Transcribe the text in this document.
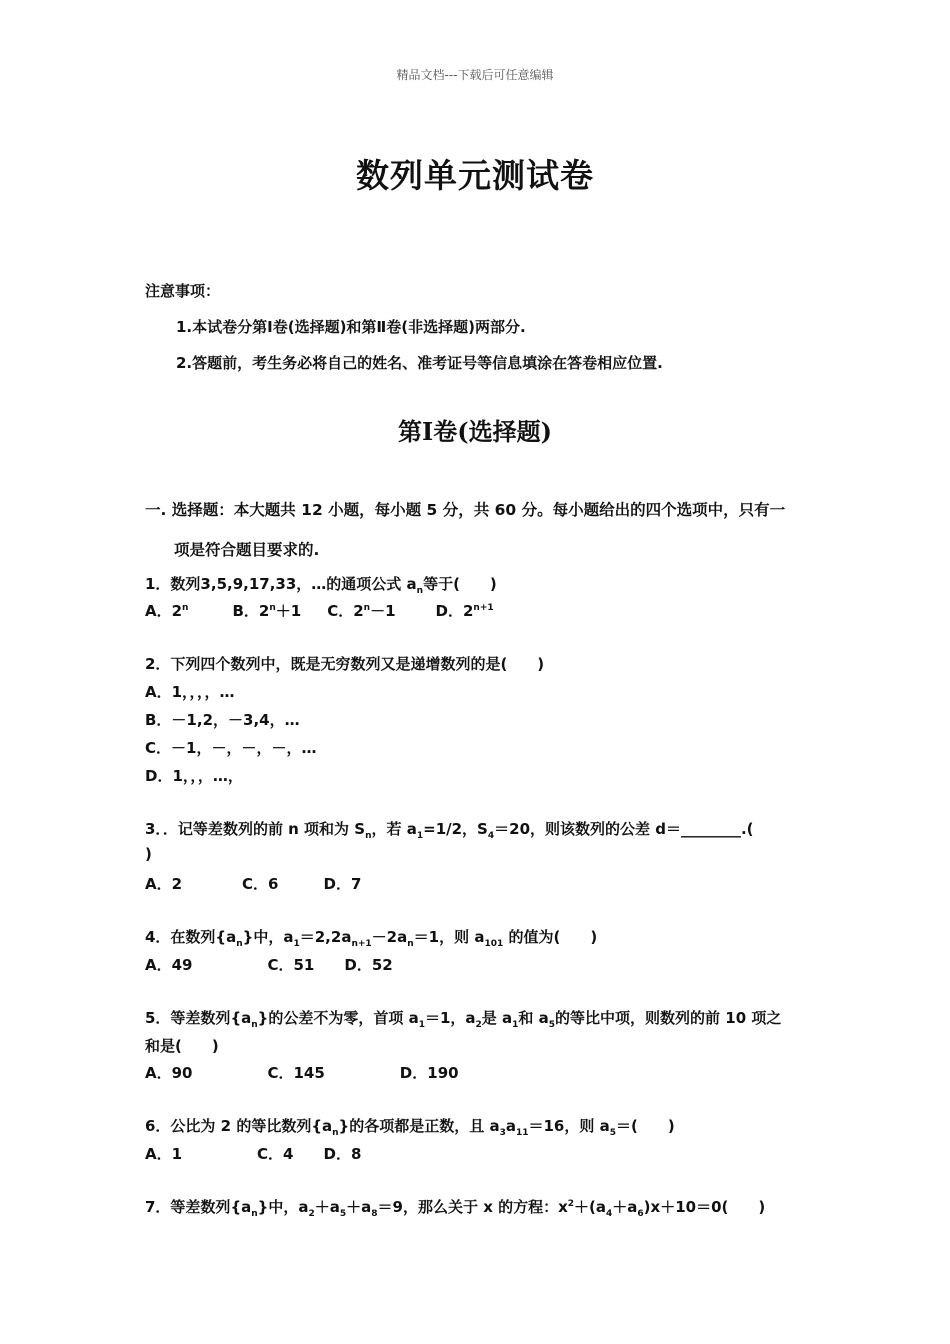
精品文档---下载后可任意编辑
数列单元测试卷
注意事项：
1.本试卷分第Ⅰ卷(选择题)和第Ⅱ卷(非选择题)两部分.
2.答题前，考生务必将自己的姓名、准考证号等信息填涂在答卷相应位置.
第Ⅰ卷(选择题)
一. 选择题：本大题共 12 小题，每小题 5 分，共 60 分。每小题给出的四个选项中，只有一
项是符合题目要求的.
1．数列3,5,9,17,33，…的通项公式 $a_n$等于(　　)
A．2$^n$	B．$2^n+1$ C．$2^n-1$	D．$2^{n+1}$
2．下列四个数列中，既是无穷数列又是递增数列的是(　　)
A．1，，，，…
B．－1,2，－3,4，…
C．－1，－，－，－，…
D．1，，，…，
3．．记等差数列的前 n 项和为 $S_n$，若 $a_1=1/2$，$S_4=20$，则该数列的公差 d＝________.(
)
A．2　　　　C．6　　　D．7
4．在数列$\{a_n\}$中，$a_1=2,2a_{n+1}-2a_n=1$，则 $a_{101}$ 的值为(　　)
A．49　　　　　C．51　　D．52
5．等差数列$\{a_n\}$的公差不为零，首项 $a_1=1$，$a_2$是 $a_1$和 $a_5$的等比中项，则数列的前 10 项之
和是(　　)
A．90　　　　　C．145　　　　　D．190
6．公比为 2 的等比数列$\{a_n\}$的各项都是正数，且 $a_3a_{11}=16$，则 $a_5=$(　　)
A．1　　　　　C．4　　D．8
7．等差数列$\{a_n\}$中，$a_2+a_5+a_8=9$，那么关于 x 的方程：$x^2+(a_4+a_6)x+10=0$(　　)
